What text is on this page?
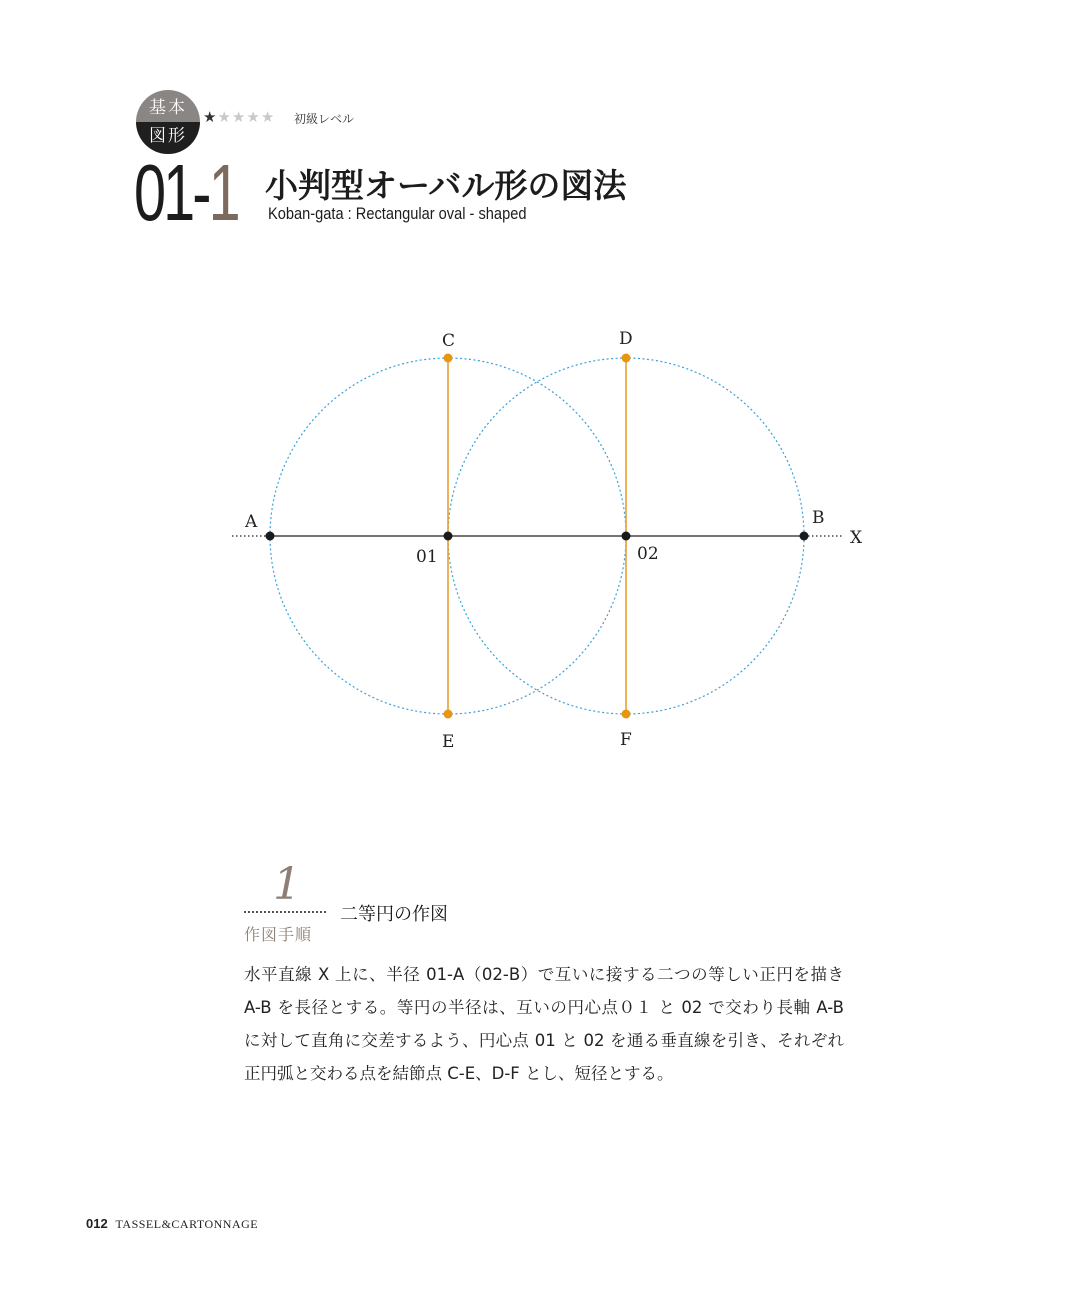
基本
図形
★★★★★ 初級レベル
01-1 小判型オーバル形の図法
Koban-gata : Rectangular oval - shaped
A	B
C	D
E	F
X
01	02
1
作図手順
二等円の作図
水平直線 X 上に、半径 01-A（02-B）で互いに接する二つの等しい正円を描き A-B を長径とする。等円の半径は、互いの円心点０１ と 02 で交わり長軸 A-B に対して直角に交差するよう、円心点 01 と 02 を通る垂直線を引き、それぞれ正円弧と交わる点を結節点 C-E、D-F とし、短径とする。
012 TASSEL&CARTONNAGE
